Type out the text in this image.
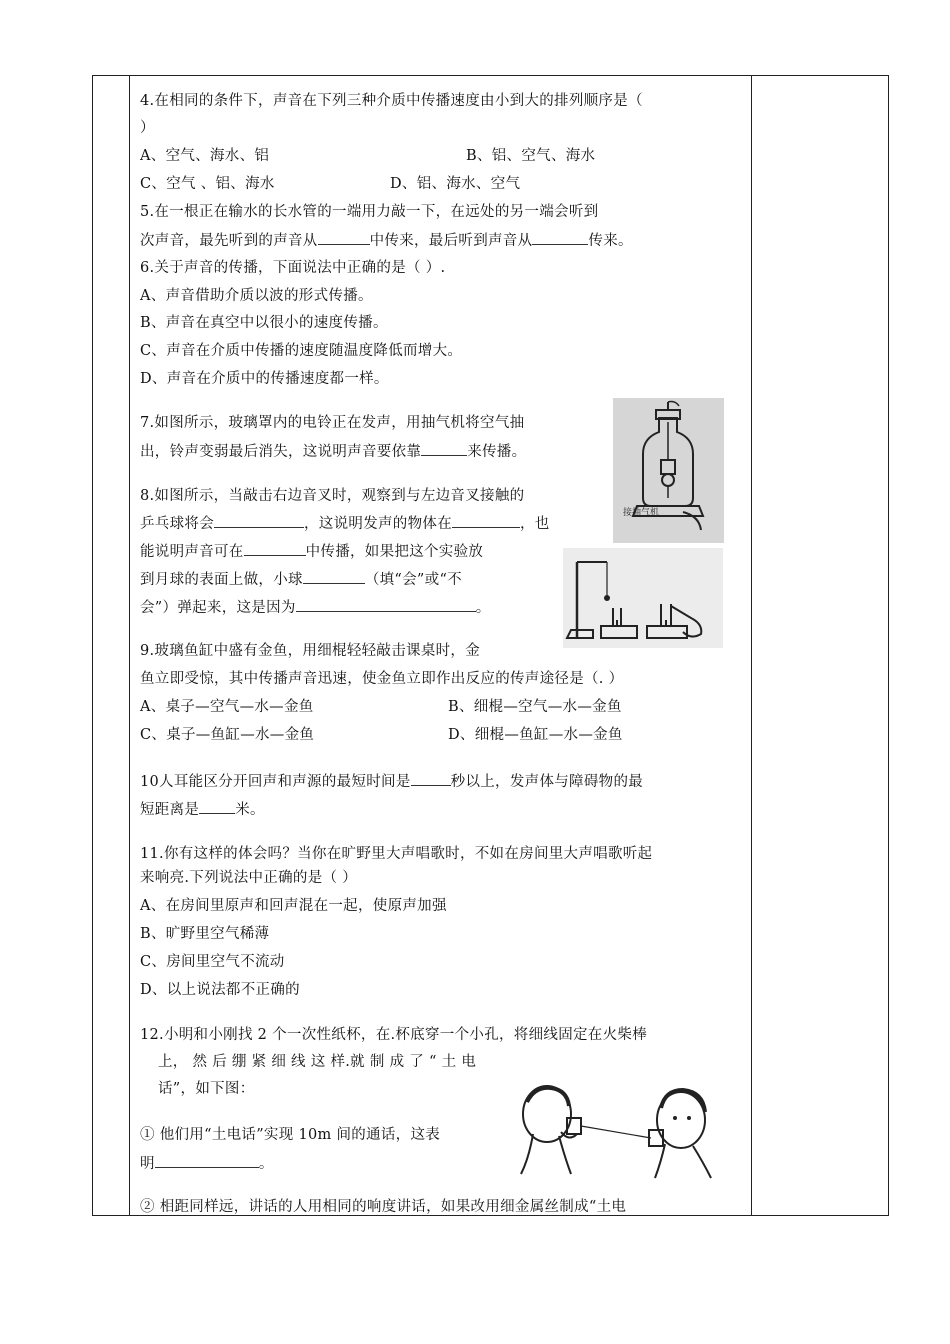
4.在相同的条件下，声音在下列三种介质中传播速度由小到大的排列顺序是（
）
A、空气、海水、铝	B、铝、空气、海水
C、空气 、铝、海水	D、铝、海水、空气
5.在一根正在输水的长水管的一端用力敲一下，在远处的另一端会听到
次声音，最先听到的声音从	中传来，最后听到声音从	传来。
6.关于声音的传播，下面说法中正确的是（ ）.
A、声音借助介质以波的形式传播。
B、声音在真空中以很小的速度传播。
C、声音在介质中传播的速度随温度降低而增大。
D、声音在介质中的传播速度都一样。
7.如图所示，玻璃罩内的电铃正在发声，用抽气机将空气抽
出，铃声变弱最后消失，这说明声音要依靠	来传播。
接抽气机
8.如图所示，当敲击右边音叉时，观察到与左边音叉接触的
乒乓球将会	，这说明发声的物体在	，也
能说明声音可在	中传播，如果把这个实验放
到月球的表面上做，小球	（填“会”或“不
会”）弹起来，这是因为	。
9.玻璃鱼缸中盛有金鱼，用细棍轻轻敲击课桌时，金
鱼立即受惊，其中传播声音迅速，使金鱼立即作出反应的传声途径是（. ）
A、桌子—空气—水—金鱼	B、细棍—空气—水—金鱼
C、桌子—鱼缸—水—金鱼	D、细棍—鱼缸—水—金鱼
10人耳能区分开回声和声源的最短时间是	秒以上，发声体与障碍物的最
短距离是 米。
11.你有这样的体会吗？当你在旷野里大声唱歌时，不如在房间里大声唱歌听起
来响亮.下列说法中正确的是（ ）
A、在房间里原声和回声混在一起，使原声加强
B、旷野里空气稀薄
C、房间里空气不流动
D、以上说法都不正确的
12.小明和小刚找 2 个一次性纸杯，在.杯底穿一个小孔，将细线固定在火柴棒
上， 然 后 绷 紧 细 线 这 样.就 制 成 了 “ 土 电
话”，如下图：
① 他们用“土电话”实现 10m 间的通话，这表
明	。
② 相距同样远，讲话的人用相同的响度讲话，如果改用细金属丝制成“土电
